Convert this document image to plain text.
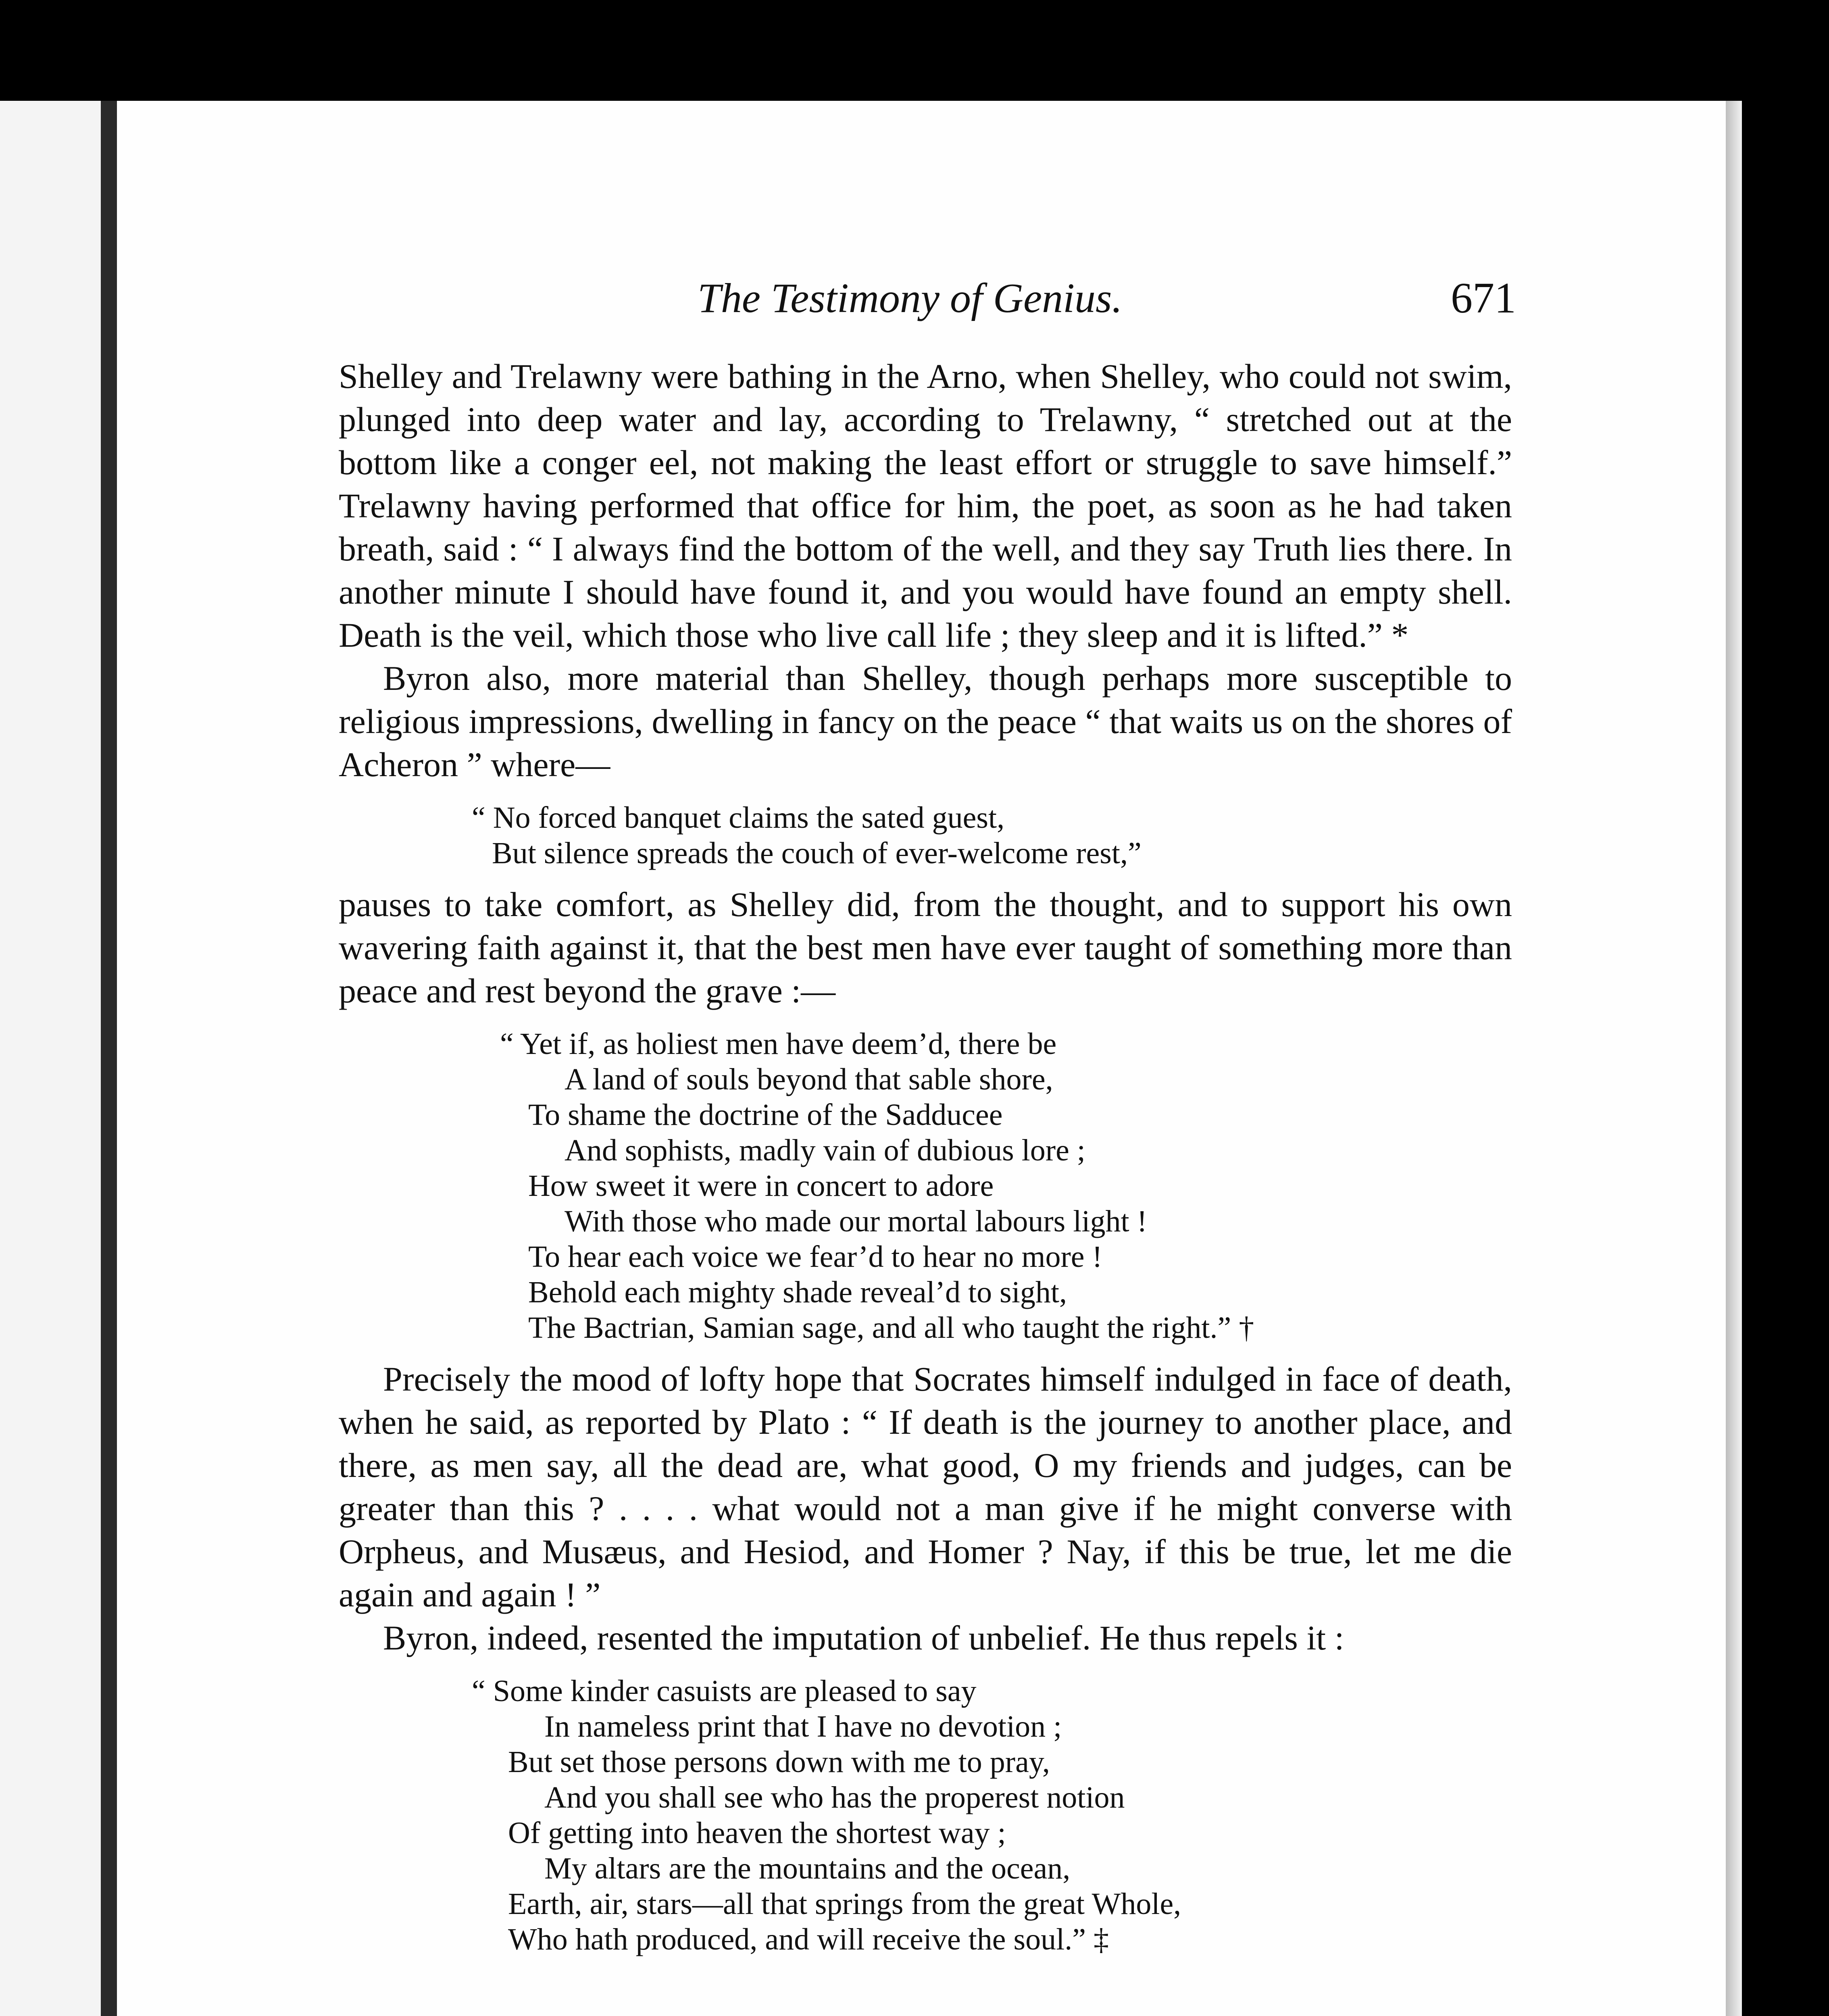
The Testimony of Genius.	671

Shelley and Trelawny were bathing in the Arno, when Shelley, who could not swim, plunged into deep water and lay, according to Trelawny, “ stretched out at the bottom like a conger eel, not making the least effort or struggle to save himself.” Trelawny having performed that office for him, the poet, as soon as he had taken breath, said : “ I always find the bottom of the well, and they say Truth lies there. In another minute I should have found it, and you would have found an empty shell. Death is the veil, which those who live call life ; they sleep and it is lifted.” *

Byron also, more material than Shelley, though perhaps more susceptible to religious impressions, dwelling in fancy on the peace “ that waits us on the shores of Acheron ” where—

“ No forced banquet claims the sated guest,
But silence spreads the couch of ever-welcome rest,”

pauses to take comfort, as Shelley did, from the thought, and to support his own wavering faith against it, that the best men have ever taught of something more than peace and rest beyond the grave :—

“ Yet if, as holiest men have deem’d, there be
A land of souls beyond that sable shore,
To shame the doctrine of the Sadducee
And sophists, madly vain of dubious lore ;
How sweet it were in concert to adore
With those who made our mortal labours light !
To hear each voice we fear’d to hear no more !
Behold each mighty shade reveal’d to sight,
The Bactrian, Samian sage, and all who taught the right.” †

Precisely the mood of lofty hope that Socrates himself indulged in face of death, when he said, as reported by Plato : “ If death is the journey to another place, and there, as men say, all the dead are, what good, O my friends and judges, can be greater than this ? . . . . what would not a man give if he might converse with Orpheus, and Musæus, and Hesiod, and Homer ? Nay, if this be true, let me die again and again ! ”

Byron, indeed, resented the imputation of unbelief. He thus repels it :

“ Some kinder casuists are pleased to say
In nameless print that I have no devotion ;
But set those persons down with me to pray,
And you shall see who has the properest notion
Of getting into heaven the shortest way ;
My altars are the mountains and the ocean,
Earth, air, stars—all that springs from the great Whole,
Who hath produced, and will receive the soul.” ‡
